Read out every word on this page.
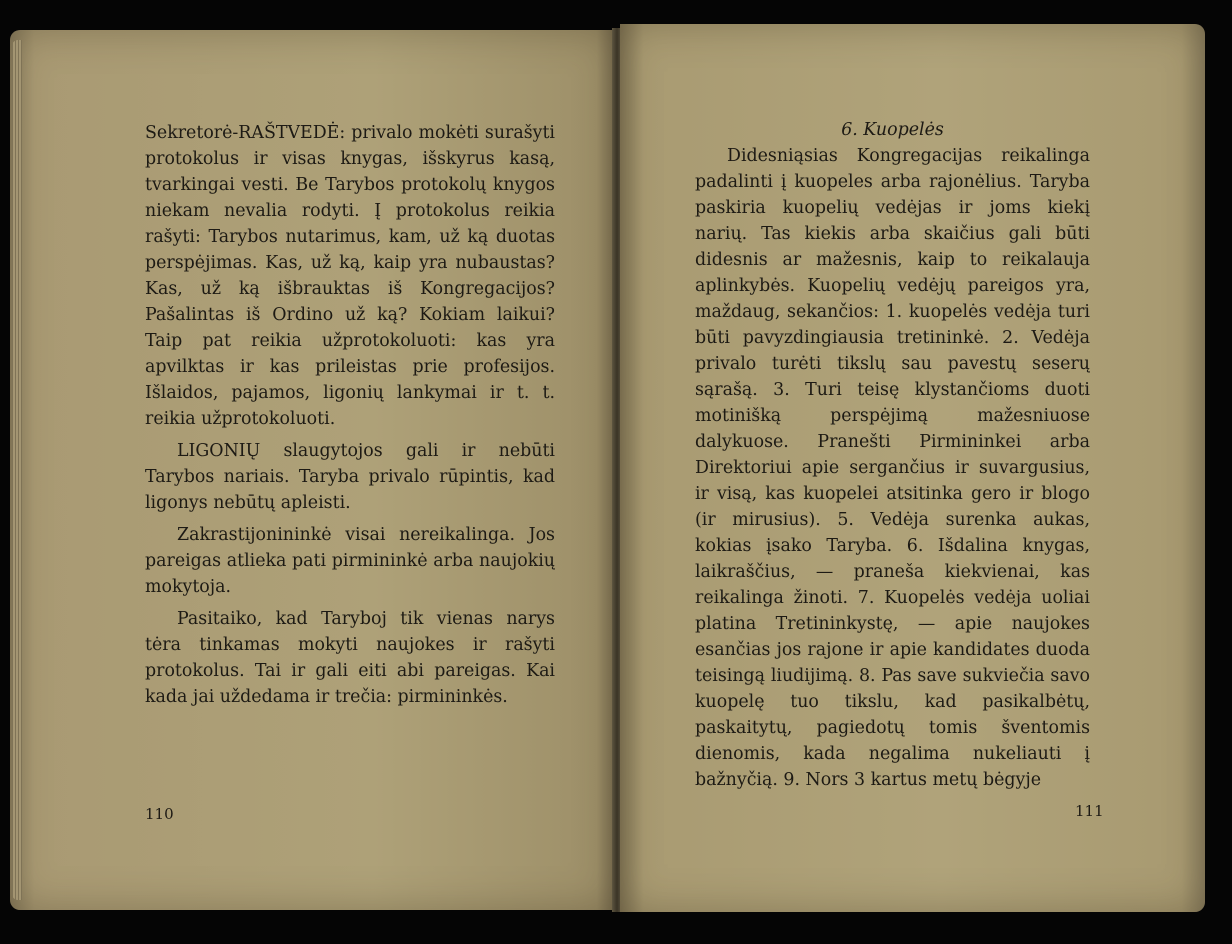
Sekretorė-RAŠTVEDĖ: privalo mokėti surašyti protokolus ir visas knygas, išskyrus kasą, tvarkingai vesti. Be Tarybos protokolų knygos niekam nevalia rodyti. Į protokolus reikia rašyti: Tarybos nutarimus, kam, už ką duotas perspėjimas. Kas, už ką, kaip yra nubaustas? Kas, už ką išbrauktas iš Kongregacijos? Pašalintas iš Ordino už ką? Kokiam laikui? Taip pat reikia užprotokoluoti: kas yra apvilktas ir kas prileistas prie profesijos. Išlaidos, pajamos, ligonių lankymai ir t. t. reikia užprotokoluoti.

LIGONIŲ slaugytojos gali ir nebūti Tarybos nariais. Taryba privalo rūpintis, kad ligonys nebūtų apleisti.

Zakrastijonininkė visai nereikalinga. Jos pareigas atlieka pati pirmininkė arba naujokių mokytoja.

Pasitaiko, kad Taryboj tik vienas narys tėra tinkamas mokyti naujokes ir rašyti protokolus. Tai ir gali eiti abi pareigas. Kai kada jai uždedama ir trečia: pirmininkės.

110

6. Kuopelės

Didesniąsias Kongregacijas reikalinga padalinti į kuopeles arba rajonėlius. Taryba paskiria kuopelių vedėjas ir joms kiekį narių. Tas kiekis arba skaičius gali būti didesnis ar mažesnis, kaip to reikalauja aplinkybės. Kuopelių vedėjų pareigos yra, maždaug, sekančios: 1. kuopelės vedėja turi būti pavyzdingiausia tretininkė. 2. Vedėja privalo turėti tikslų sau pavestų seserų sąrašą. 3. Turi teisę klystančioms duoti motinišką perspėjimą mažesniuose dalykuose. Pranešti Pirmininkei arba Direktoriui apie sergančius ir suvargusius, ir visą, kas kuopelei atsitinka gero ir blogo (ir mirusius). 5. Vedėja surenka aukas, kokias įsako Taryba. 6. Išdalina knygas, laikraščius, — praneša kiekvienai, kas reikalinga žinoti. 7. Kuopelės vedėja uoliai platina Tretininkystę, — apie naujokes esančias jos rajone ir apie kandidates duoda teisingą liudijimą. 8. Pas save sukviečia savo kuopelę tuo tikslu, kad pasikalbėtų, paskaitytų, pagiedotų tomis šventomis dienomis, kada negalima nukeliauti į bažnyčią. 9. Nors 3 kartus metų bėgyje

111
